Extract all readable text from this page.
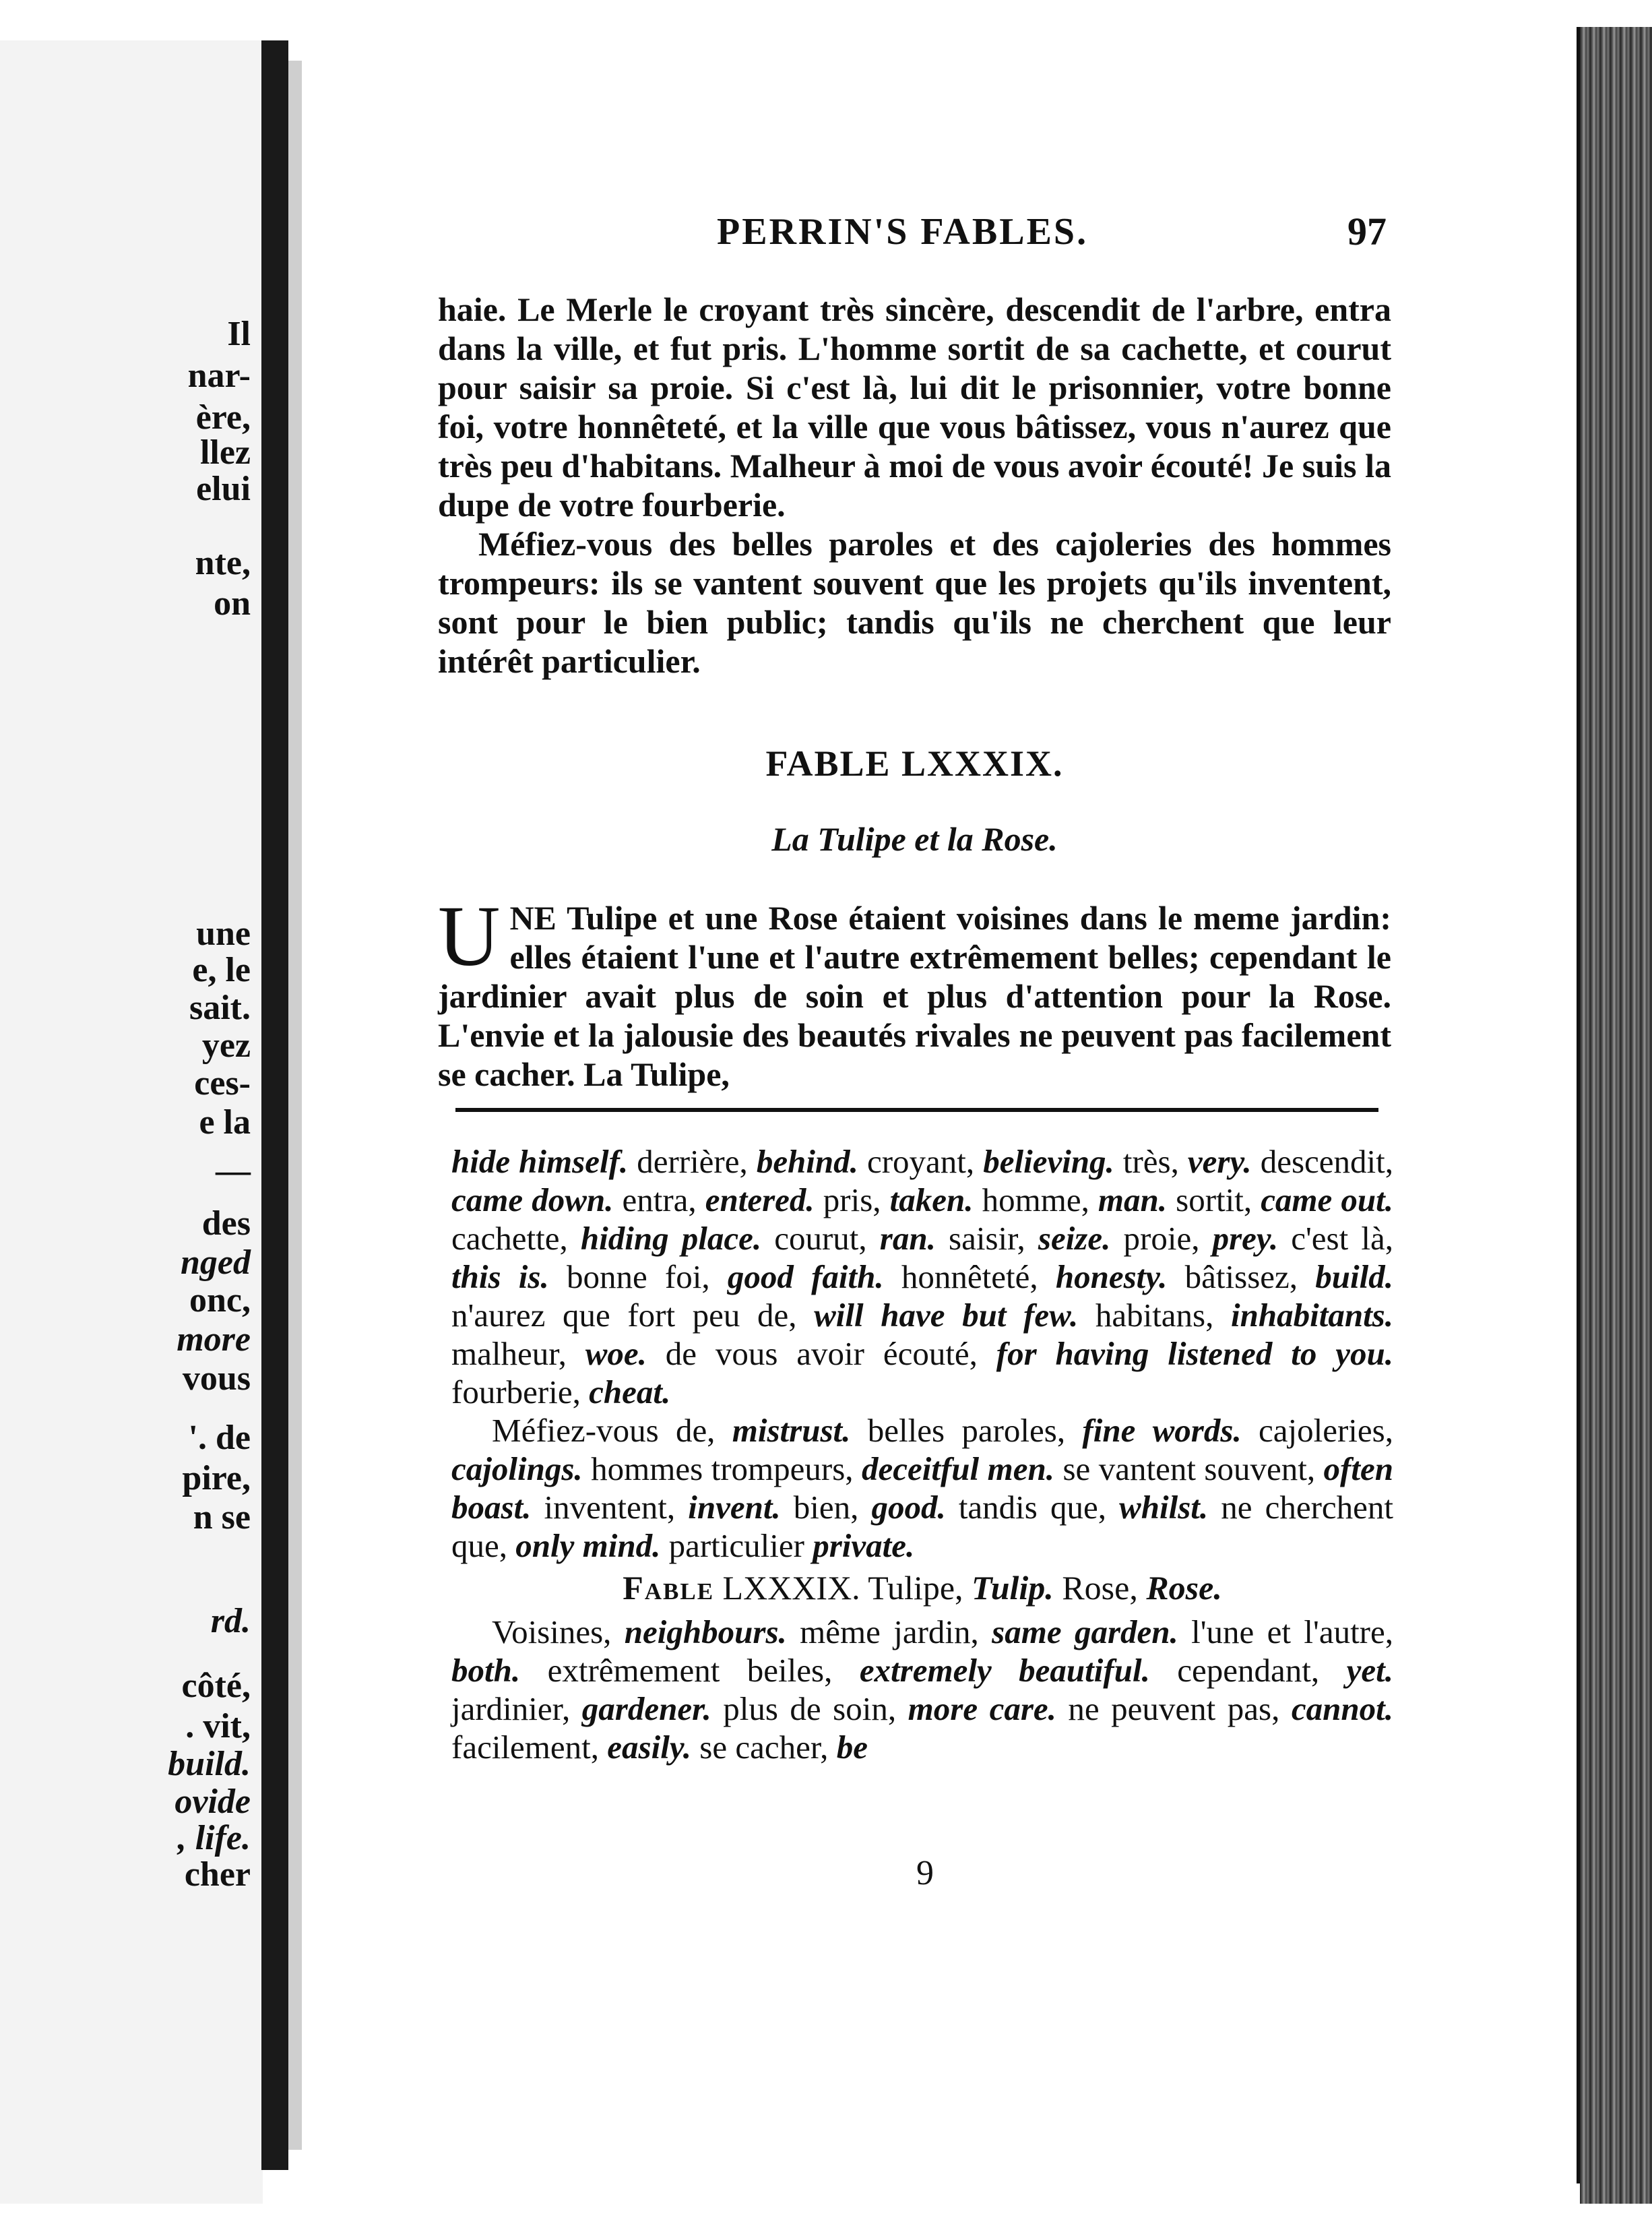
Il
nar-
ère,
llez
elui
nte,
on
une
e, le
sait.
yez
ces-
e la
—
des
nged
onc,
more
vous
'. de
pire,
n se
rd.
côté,
. vit,
build.
ovide
, life.
cher
PERRIN'S FABLES.	97

haie. Le Merle le croyant très sincère, descendit de l'arbre, entra dans la ville, et fut pris. L'homme sortit de sa cachette, et courut pour saisir sa proie. Si c'est là, lui dit le prisonnier, votre bonne foi, votre honnêteté, et la ville que vous bâtissez, vous n'aurez que très peu d'habitans. Malheur à moi de vous avoir écouté! Je suis la dupe de votre fourberie.

Méfiez-vous des belles paroles et des cajoleries des hommes trompeurs: ils se vantent souvent que les projets qu'ils inventent, sont pour le bien public; tandis qu'ils ne cherchent que leur intérêt particulier.

FABLE LXXXIX.
La Tulipe et la Rose.

UNE Tulipe et une Rose étaient voisines dans le meme jardin: elles étaient l'une et l'autre extrêmement belles; cependant le jardinier avait plus de soin et plus d'attention pour la Rose. L'envie et la jalousie des beautés rivales ne peuvent pas facilement se cacher. La Tulipe,

hide himself. derrière, behind. croyant, believing. très, very. descendit, came down. entra, entered. pris, taken. homme, man. sortit, came out. cachette, hiding place. courut, ran. saisir, seize. proie, prey. c'est là, this is. bonne foi, good faith. honnêteté, honesty. bâtissez, build. n'aurez que fort peu de, will have but few. habitans, inhabitants. malheur, woe. de vous avoir écouté, for having listened to you. fourberie, cheat.

Méfiez-vous de, mistrust. belles paroles, fine words. cajoleries, cajolings. hommes trompeurs, deceitful men. se vantent souvent, often boast. inventent, invent. bien, good. tandis que, whilst. ne cherchent que, only mind. particulier private.

Fable LXXXIX. Tulipe, Tulip. Rose, Rose.

Voisines, neighbours. même jardin, same garden. l'une et l'autre, both. extrêmement beiles, extremely beautiful. cependant, yet. jardinier, gardener. plus de soin, more care. ne peuvent pas, cannot. facilement, easily. se cacher, be

9
